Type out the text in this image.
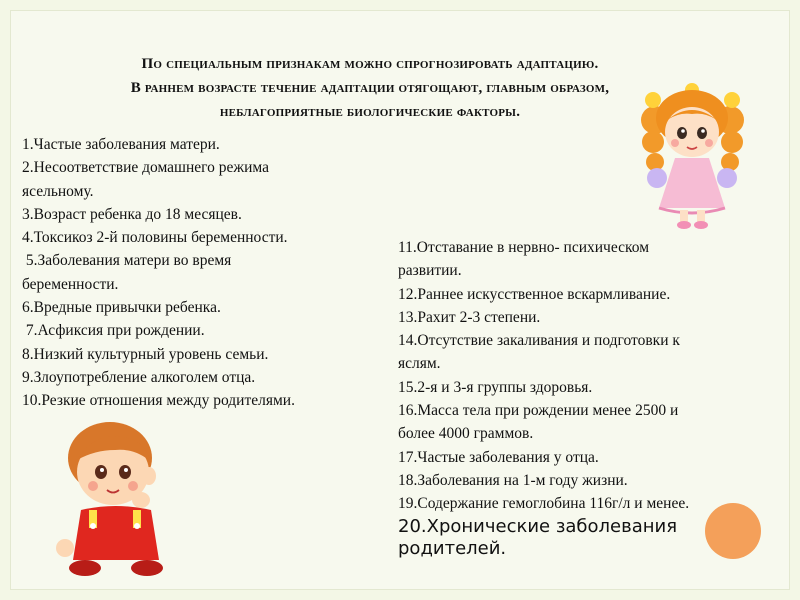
По специальным признакам можно спрогнозировать адаптацию.
В раннем возрасте течение адаптации отягощают, главным образом,
неблагоприятные биологические факторы.
1.Частые заболевания матери.
2.Несоответствие домашнего режима
ясельному.
3.Возраст ребенка до 18 месяцев.
4.Токсикоз 2-й половины беременности.
5.Заболевания матери во время
беременности.
6.Вредные привычки ребенка.
7.Асфиксия при рождении.
8.Низкий культурный уровень семьи.
9.Злоупотребление алкоголем отца.
10.Резкие отношения между родителями.
11.Отставание в нервно- психическом
развитии.
12.Раннее искусственное вскармливание.
13.Рахит 2-3 степени.
14.Отсутствие закаливания и подготовки к
яслям.
15.2-я и 3-я группы здоровья.
16.Масса тела при рождении менее 2500 и
более 4000 граммов.
17.Частые заболевания у отца.
18.Заболевания на 1-м году жизни.
19.Содержание гемоглобина 116г/л и менее.
20.Хронические заболевания
родителей.
